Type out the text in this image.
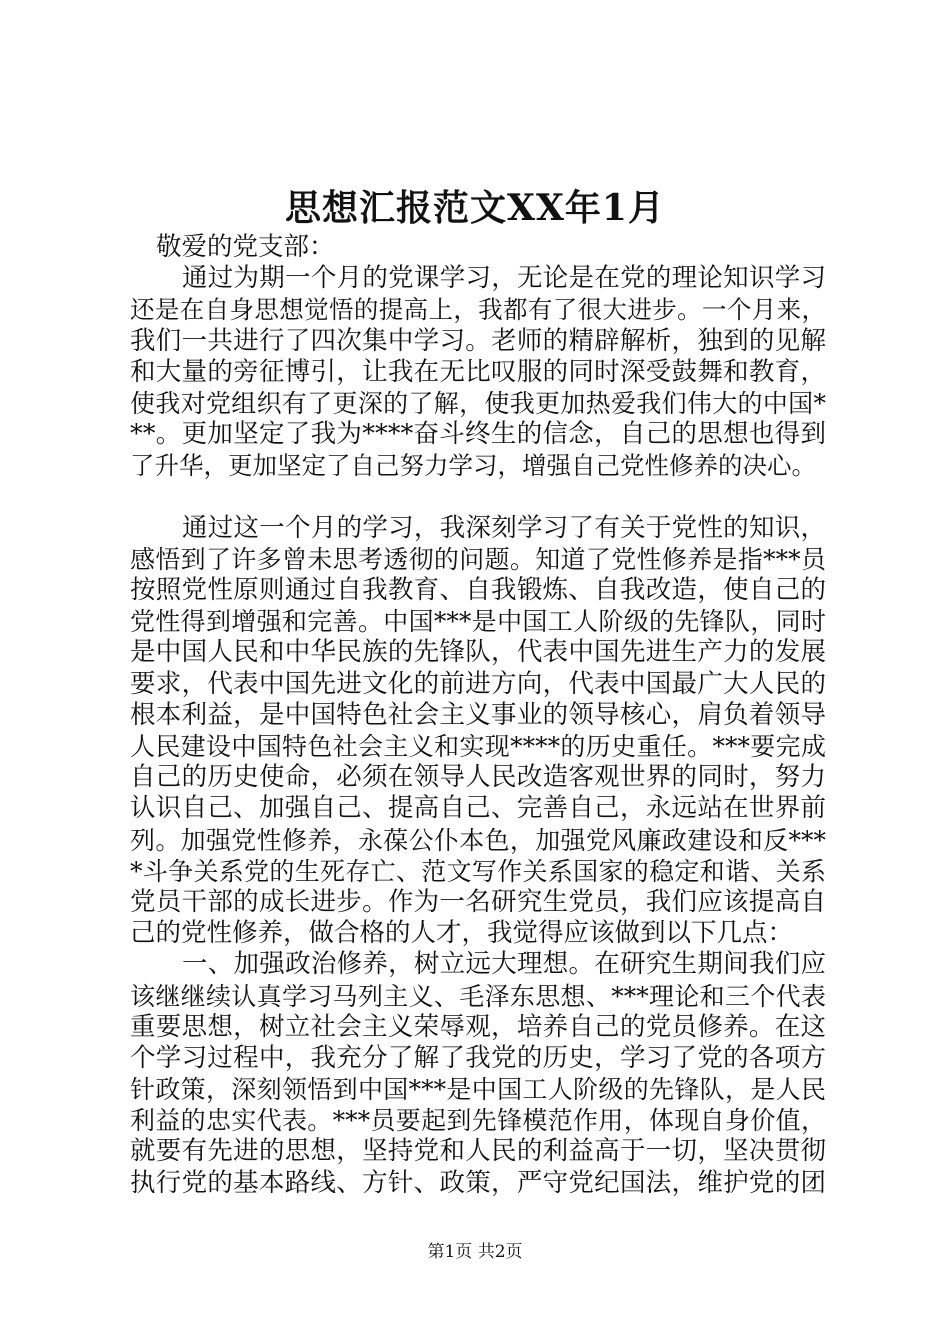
思想汇报范文XX年1月
敬爱的党支部：
通过为期一个月的党课学习，无论是在党的理论知识学习
还是在自身思想觉悟的提高上，我都有了很大进步。一个月来，
我们一共进行了四次集中学习。老师的精辟解析，独到的见解
和大量的旁征博引，让我在无比叹服的同时深受鼓舞和教育，
使我对党组织有了更深的了解，使我更加热爱我们伟大的中国*
**。更加坚定了我为****奋斗终生的信念，自己的思想也得到
了升华，更加坚定了自己努力学习，增强自己党性修养的决心。
通过这一个月的学习，我深刻学习了有关于党性的知识，
感悟到了许多曾未思考透彻的问题。知道了党性修养是指***员
按照党性原则通过自我教育、自我锻炼、自我改造，使自己的
党性得到增强和完善。中国***是中国工人阶级的先锋队，同时
是中国人民和中华民族的先锋队，代表中国先进生产力的发展
要求，代表中国先进文化的前进方向，代表中国最广大人民的
根本利益，是中国特色社会主义事业的领导核心，肩负着领导
人民建设中国特色社会主义和实现****的历史重任。***要完成
自己的历史使命，必须在领导人民改造客观世界的同时，努力
认识自己、加强自己、提高自己、完善自己，永远站在世界前
列。加强党性修养，永葆公仆本色，加强党风廉政建设和反***
*斗争关系党的生死存亡、范文写作关系国家的稳定和谐、关系
党员干部的成长进步。作为一名研究生党员，我们应该提高自
己的党性修养，做合格的人才，我觉得应该做到以下几点：
一、加强政治修养，树立远大理想。在研究生期间我们应
该继继续认真学习马列主义、毛泽东思想、***理论和三个代表
重要思想，树立社会主义荣辱观，培养自己的党员修养。在这
个学习过程中，我充分了解了我党的历史，学习了党的各项方
针政策，深刻领悟到中国***是中国工人阶级的先锋队，是人民
利益的忠实代表。***员要起到先锋模范作用，体现自身价值，
就要有先进的思想，坚持党和人民的利益高于一切，坚决贯彻
执行党的基本路线、方针、政策，严守党纪国法，维护党的团
第1页 共2页
